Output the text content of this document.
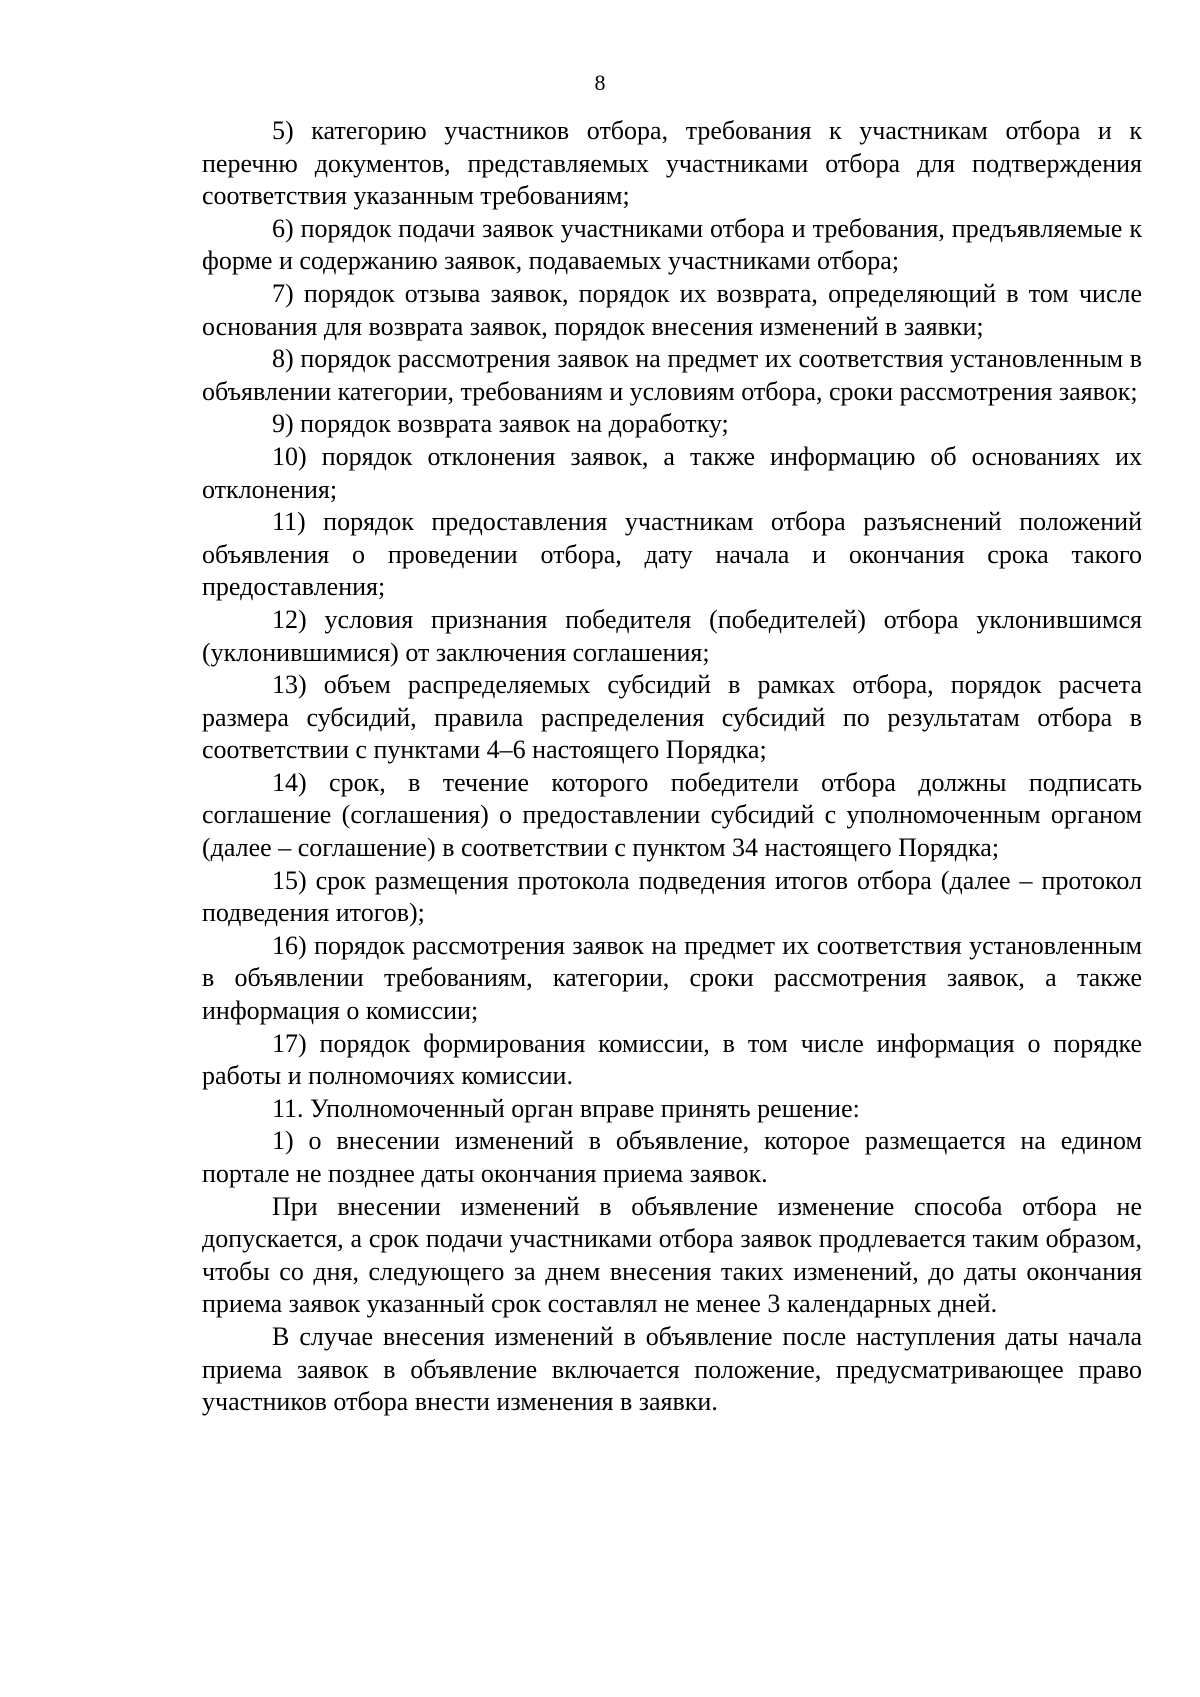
8

5) категорию участников отбора, требования к участникам отбора и к перечню документов, представляемых участниками отбора для подтверждения соответствия указанным требованиям;

6) порядок подачи заявок участниками отбора и требования, предъявляемые к форме и содержанию заявок, подаваемых участниками отбора;

7) порядок отзыва заявок, порядок их возврата, определяющий в том числе основания для возврата заявок, порядок внесения изменений в заявки;

8) порядок рассмотрения заявок на предмет их соответствия установленным в объявлении категории, требованиям и условиям отбора, сроки рассмотрения заявок;

9) порядок возврата заявок на доработку;

10) порядок отклонения заявок, а также информацию об основаниях их отклонения;

11) порядок предоставления участникам отбора разъяснений положений объявления о проведении отбора, дату начала и окончания срока такого предоставления;

12) условия признания победителя (победителей) отбора уклонившимся (уклонившимися) от заключения соглашения;

13) объем распределяемых субсидий в рамках отбора, порядок расчета размера субсидий, правила распределения субсидий по результатам отбора в соответствии с пунктами 4–6 настоящего Порядка;

14) срок, в течение которого победители отбора должны подписать соглашение (соглашения) о предоставлении субсидий с уполномоченным органом (далее – соглашение) в соответствии с пунктом 34 настоящего Порядка;

15) срок размещения протокола подведения итогов отбора (далее – протокол подведения итогов);

16) порядок рассмотрения заявок на предмет их соответствия установленным в объявлении требованиям, категории, сроки рассмотрения заявок, а также информация о комиссии;

17) порядок формирования комиссии, в том числе информация о порядке работы и полномочиях комиссии.

11. Уполномоченный орган вправе принять решение:

1) о внесении изменений в объявление, которое размещается на едином портале не позднее даты окончания приема заявок.

При внесении изменений в объявление изменение способа отбора не допускается, а срок подачи участниками отбора заявок продлевается таким образом, чтобы со дня, следующего за днем внесения таких изменений, до даты окончания приема заявок указанный срок составлял не менее 3 календарных дней.

В случае внесения изменений в объявление после наступления даты начала приема заявок в объявление включается положение, предусматривающее право участников отбора внести изменения в заявки.
